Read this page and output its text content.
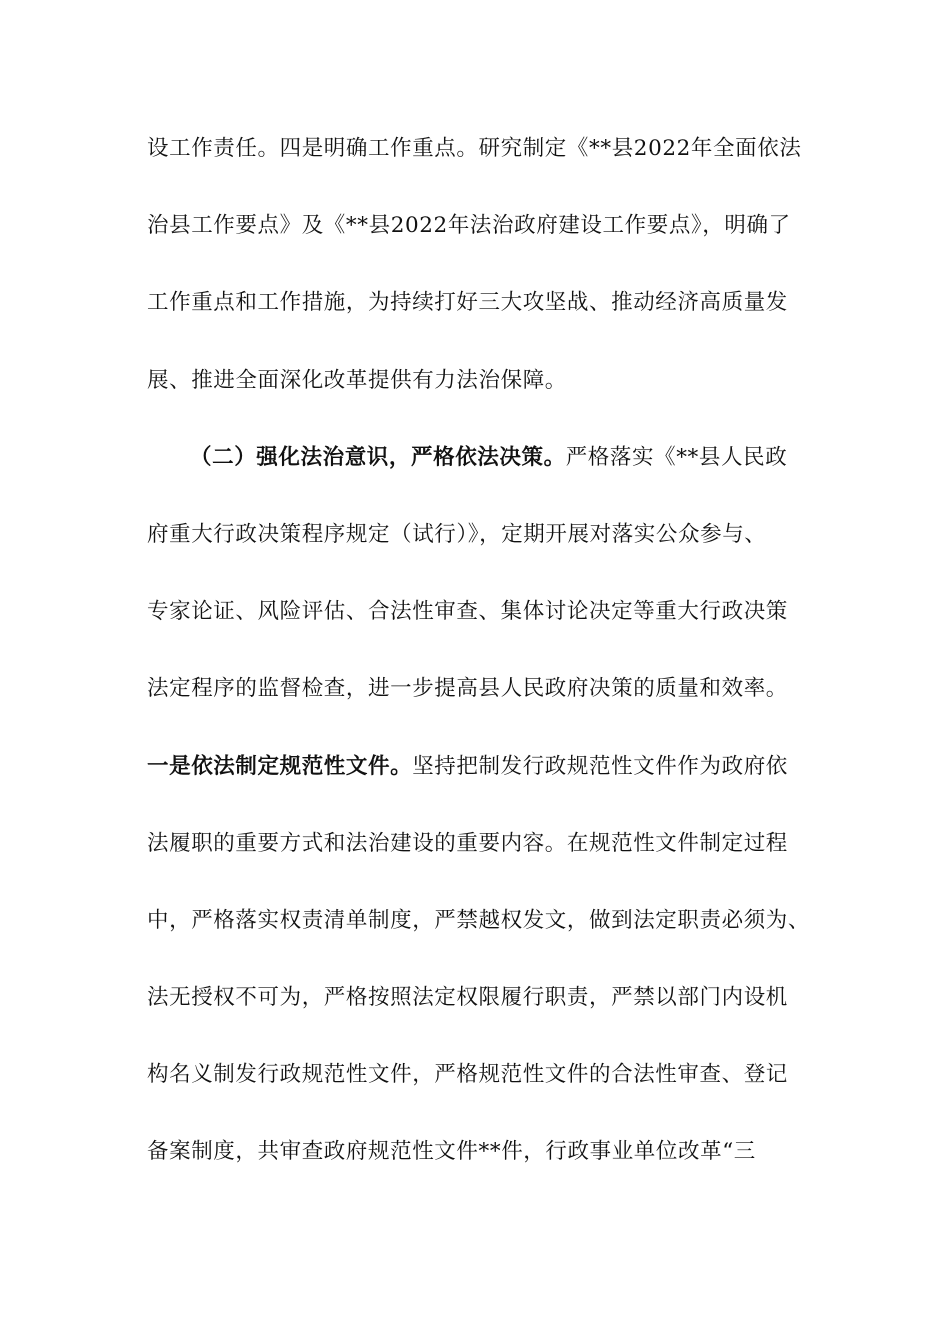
设工作责任。四是明确工作重点。研究制定《**县2022年全面依法
治县工作要点》及《**县2022年法治政府建设工作要点》，明确了
工作重点和工作措施，为持续打好三大攻坚战、推动经济高质量发
展、推进全面深化改革提供有力法治保障。
（二）强化法治意识，严格依法决策。严格落实《**县人民政
府重大行政决策程序规定（试行）》，定期开展对落实公众参与、
专家论证、风险评估、合法性审查、集体讨论决定等重大行政决策
法定程序的监督检查，进一步提高县人民政府决策的质量和效率。
一是依法制定规范性文件。坚持把制发行政规范性文件作为政府依
法履职的重要方式和法治建设的重要内容。在规范性文件制定过程
中，严格落实权责清单制度，严禁越权发文，做到法定职责必须为、
法无授权不可为，严格按照法定权限履行职责，严禁以部门内设机
构名义制发行政规范性文件，严格规范性文件的合法性审查、登记
备案制度，共审查政府规范性文件**件，行政事业单位改革“三
